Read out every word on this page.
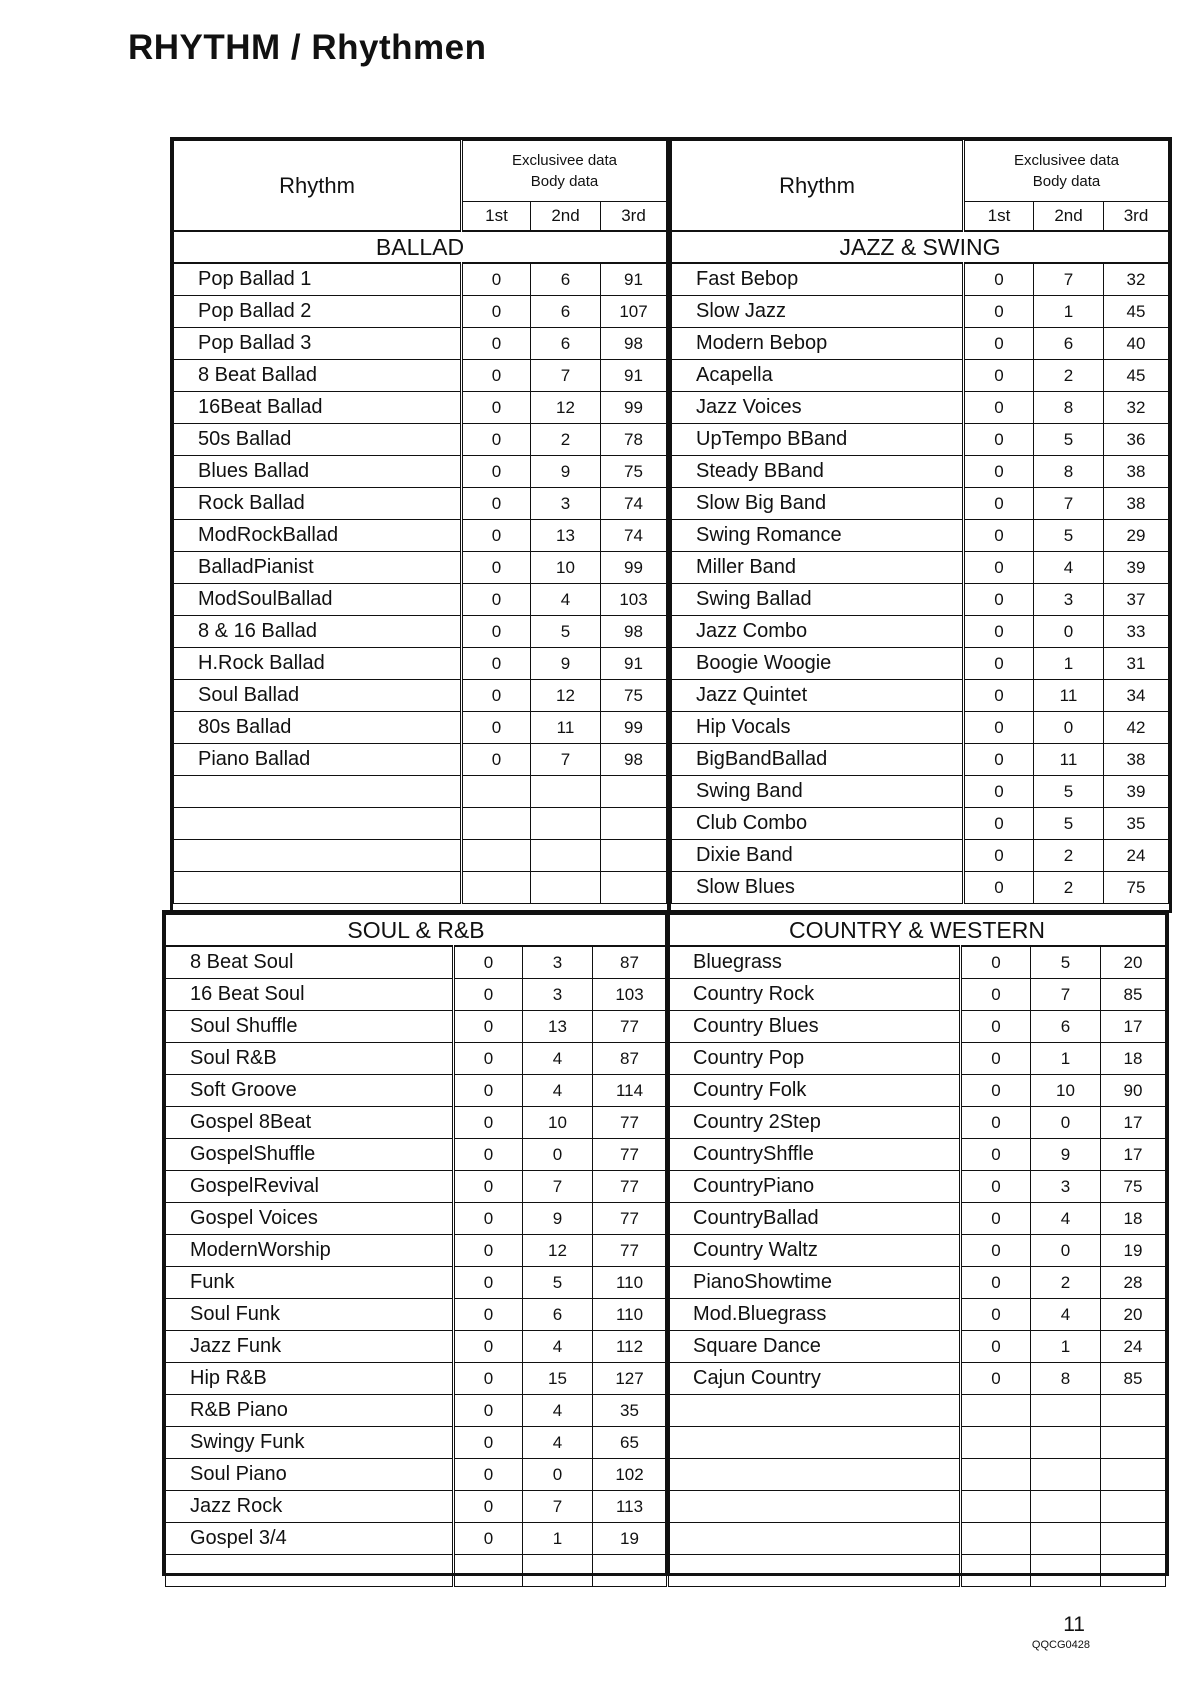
RHYTHM / Rhythmen
Rhythm	Exclusivee data
Body data		

	1st	2nd	3rd
BALLAD			
Pop Ballad 1	0	6	91
Pop Ballad 2	0	6	107
Pop Ballad 3	0	6	98
8 Beat Ballad	0	7	91
16Beat Ballad	0	12	99
50s Ballad	0	2	78
Blues Ballad	0	9	75
Rock Ballad	0	3	74
ModRockBallad	0	13	74
BalladPianist	0	10	99
ModSoulBallad	0	4	103
8 & 16 Ballad	0	5	98
H.Rock Ballad	0	9	91
Soul Ballad	0	12	75
80s Ballad	0	11	99
Piano Ballad	0	7	98

SOUL & R&B			
8 Beat Soul	0	3	87
16 Beat Soul	0	3	103
Soul Shuffle	0	13	77
Soul R&B	0	4	87
Soft Groove	0	4	114
Gospel 8Beat	0	10	77
GospelShuffle	0	0	77
GospelRevival	0	7	77
Gospel Voices	0	9	77
ModernWorship	0	12	77
Funk	0	5	110
Soul Funk	0	6	110
Jazz Funk	0	4	112
Hip R&B	0	15	127
R&B Piano	0	4	35
Swingy Funk	0	4	65
Soul Piano	0	0	102
Jazz Rock	0	7	113
Gospel 3/4	0	1	19

Rhythm	Exclusivee data
Body data		

	1st	2nd	3rd
JAZZ & SWING			
Fast Bebop	0	7	32
Slow Jazz	0	1	45
Modern Bebop	0	6	40
Acapella	0	2	45
Jazz Voices	0	8	32
UpTempo BBand	0	5	36
Steady BBand	0	8	38
Slow Big Band	0	7	38
Swing Romance	0	5	29
Miller Band	0	4	39
Swing Ballad	0	3	37
Jazz Combo	0	0	33
Boogie Woogie	0	1	31
Jazz Quintet	0	11	34
Hip Vocals	0	0	42
BigBandBallad	0	11	38
Swing Band	0	5	39
Club Combo	0	5	35
Dixie Band	0	2	24
Slow Blues	0	2	75
COUNTRY & WESTERN			
Bluegrass	0	5	20
Country Rock	0	7	85
Country Blues	0	6	17
Country Pop	0	1	18
Country Folk	0	10	90
Country 2Step	0	0	17
CountryShffle	0	9	17
CountryPiano	0	3	75
CountryBallad	0	4	18
Country Waltz	0	0	19
PianoShowtime	0	2	28
Mod.Bluegrass	0	4	20
Square Dance	0	1	24
Cajun Country	0	8	85

11
QQCG0428
